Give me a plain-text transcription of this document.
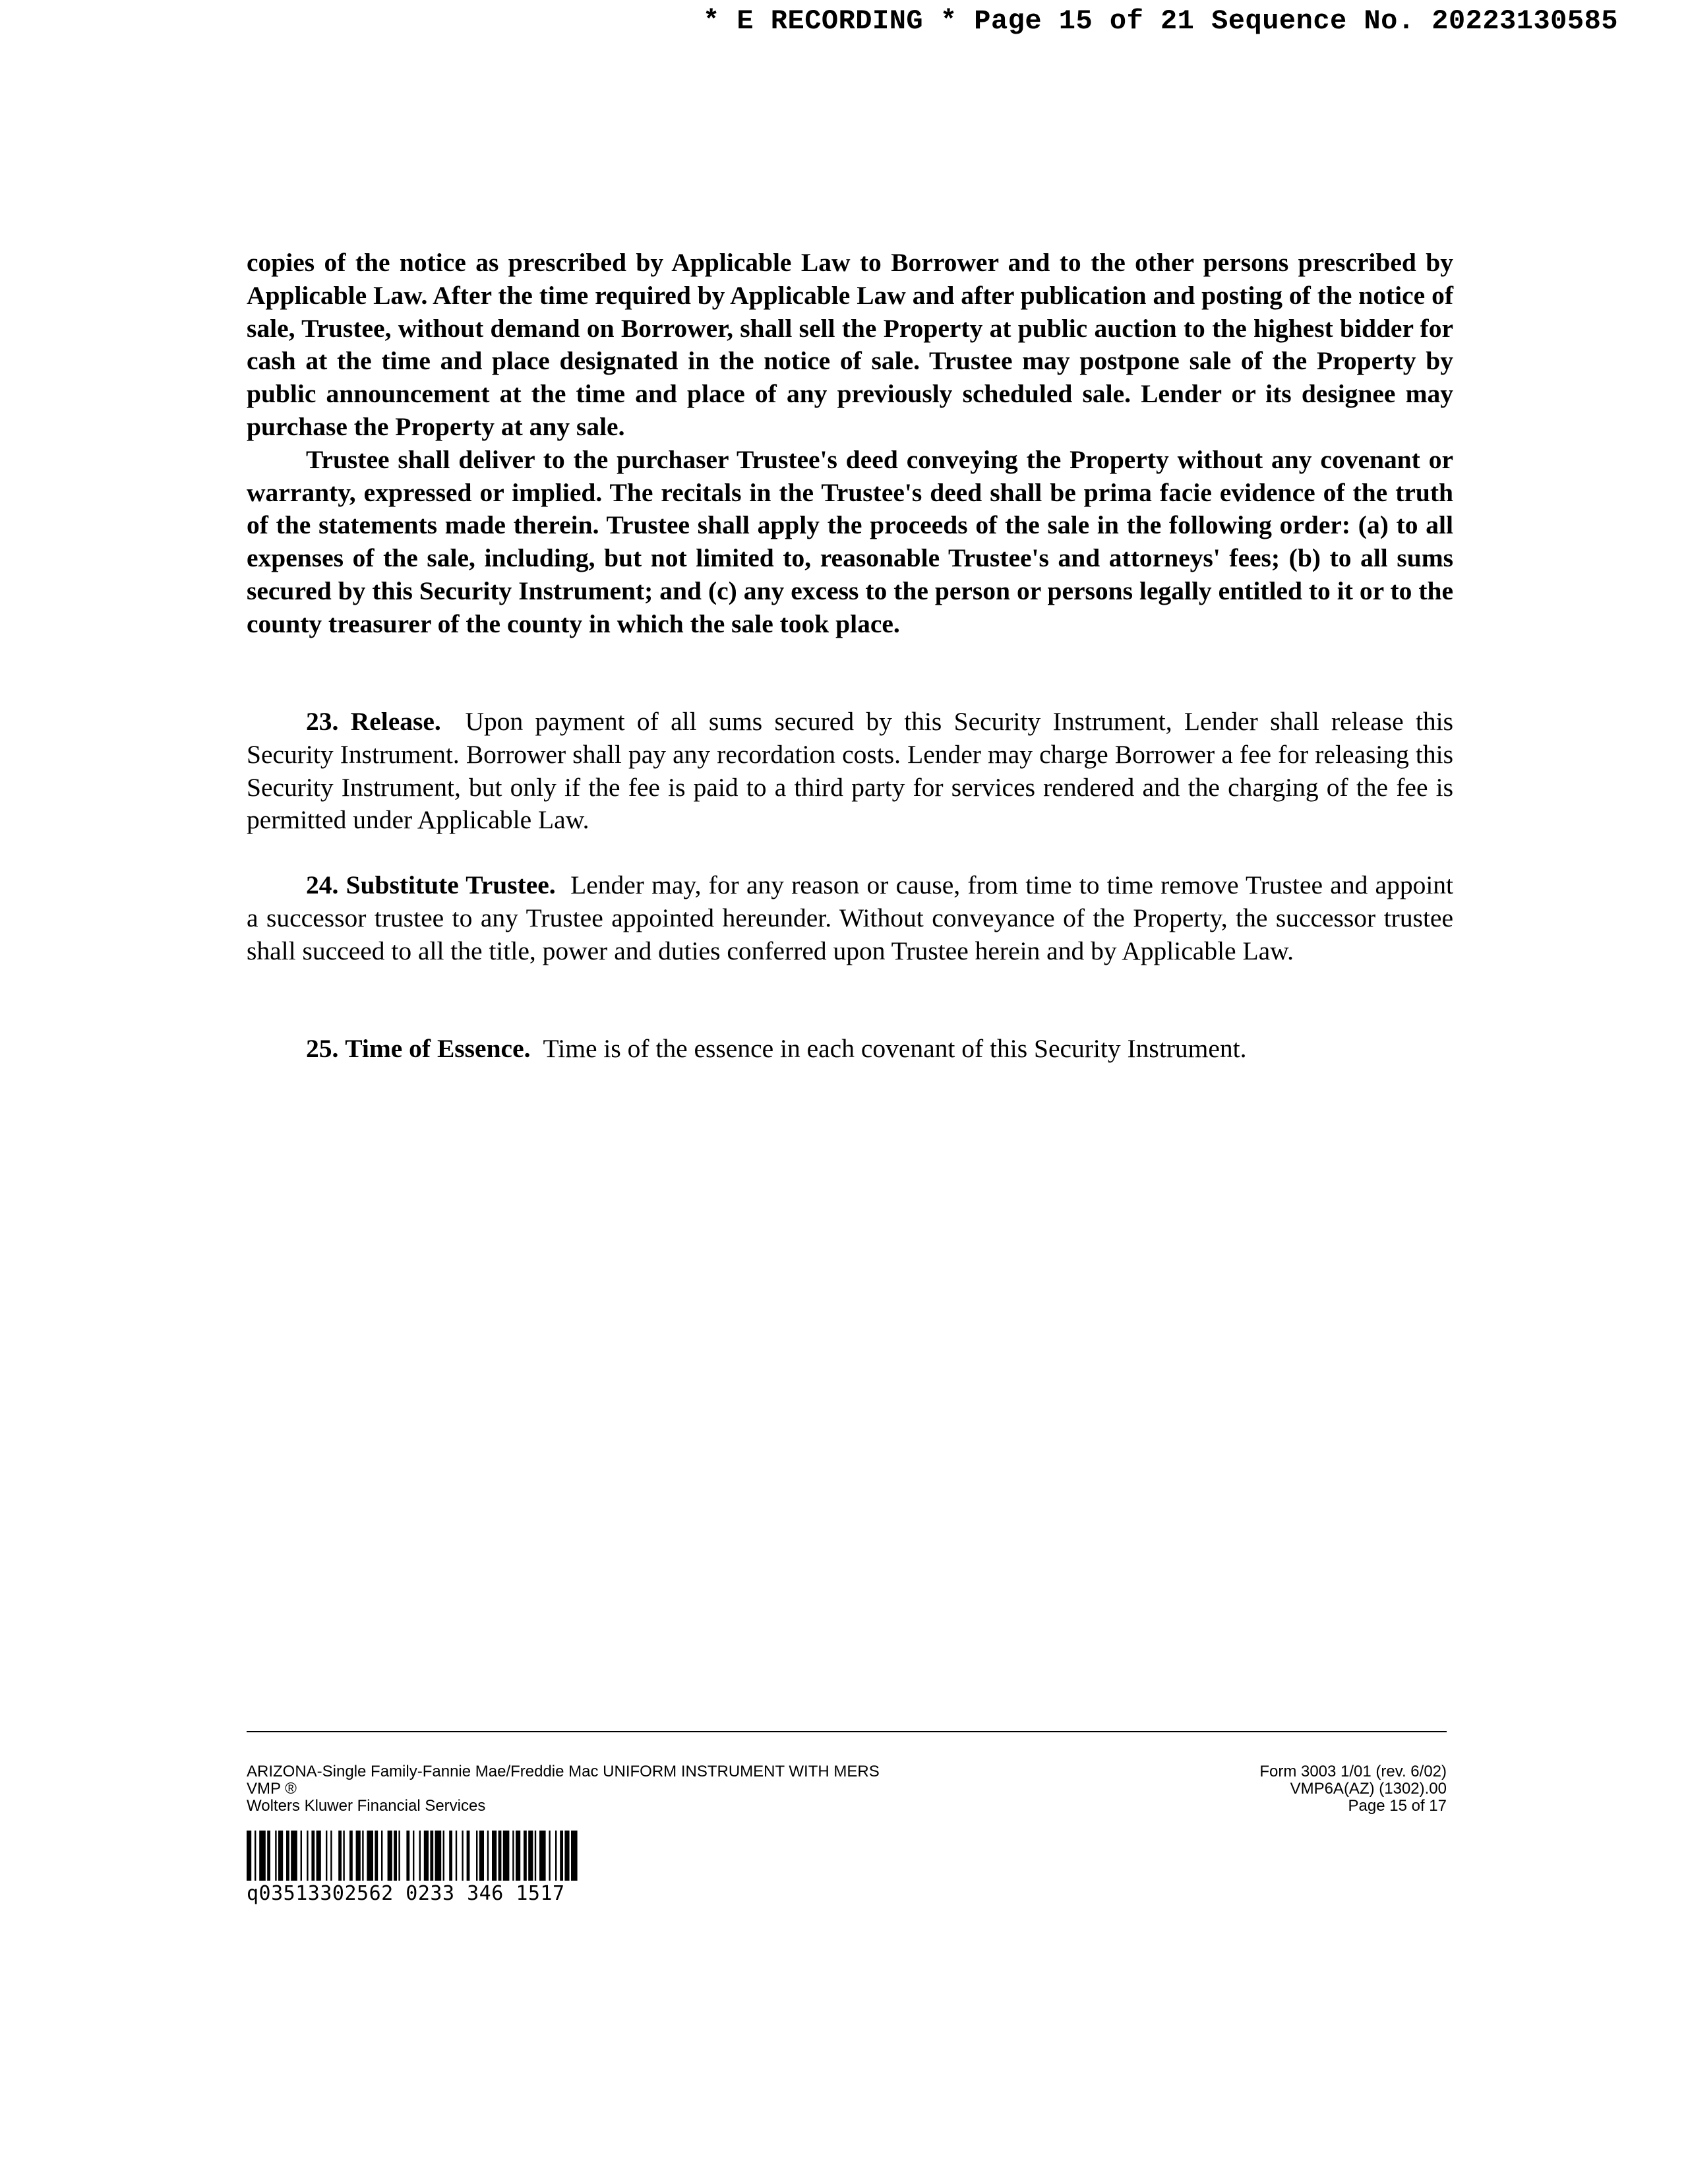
* E RECORDING * Page 15 of 21 Sequence No. 20223130585

copies of the notice as prescribed by Applicable Law to Borrower and to the other persons prescribed by Applicable Law. After the time required by Applicable Law and after publication and posting of the notice of sale, Trustee, without demand on Borrower, shall sell the Property at public auction to the highest bidder for cash at the time and place designated in the notice of sale. Trustee may postpone sale of the Property by public announcement at the time and place of any previously scheduled sale. Lender or its designee may purchase the Property at any sale.

Trustee shall deliver to the purchaser Trustee's deed conveying the Property without any covenant or warranty, expressed or implied. The recitals in the Trustee's deed shall be prima facie evidence of the truth of the statements made therein. Trustee shall apply the proceeds of the sale in the following order: (a) to all expenses of the sale, including, but not limited to, reasonable Trustee's and attorneys' fees; (b) to all sums secured by this Security Instrument; and (c) any excess to the person or persons legally entitled to it or to the county treasurer of the county in which the sale took place.

23. Release. Upon payment of all sums secured by this Security Instrument, Lender shall release this Security Instrument. Borrower shall pay any recordation costs. Lender may charge Borrower a fee for releasing this Security Instrument, but only if the fee is paid to a third party for services rendered and the charging of the fee is permitted under Applicable Law.

24. Substitute Trustee. Lender may, for any reason or cause, from time to time remove Trustee and appoint a successor trustee to any Trustee appointed hereunder. Without conveyance of the Property, the successor trustee shall succeed to all the title, power and duties conferred upon Trustee herein and by Applicable Law.

25. Time of Essence. Time is of the essence in each covenant of this Security Instrument.

ARIZONA-Single Family-Fannie Mae/Freddie Mac UNIFORM INSTRUMENT WITH MERS
VMP ®
Wolters Kluwer Financial Services
Form 3003 1/01 (rev. 6/02)
VMP6A(AZ) (1302).00
Page 15 of 17
q03513302562 0233 346 1517
